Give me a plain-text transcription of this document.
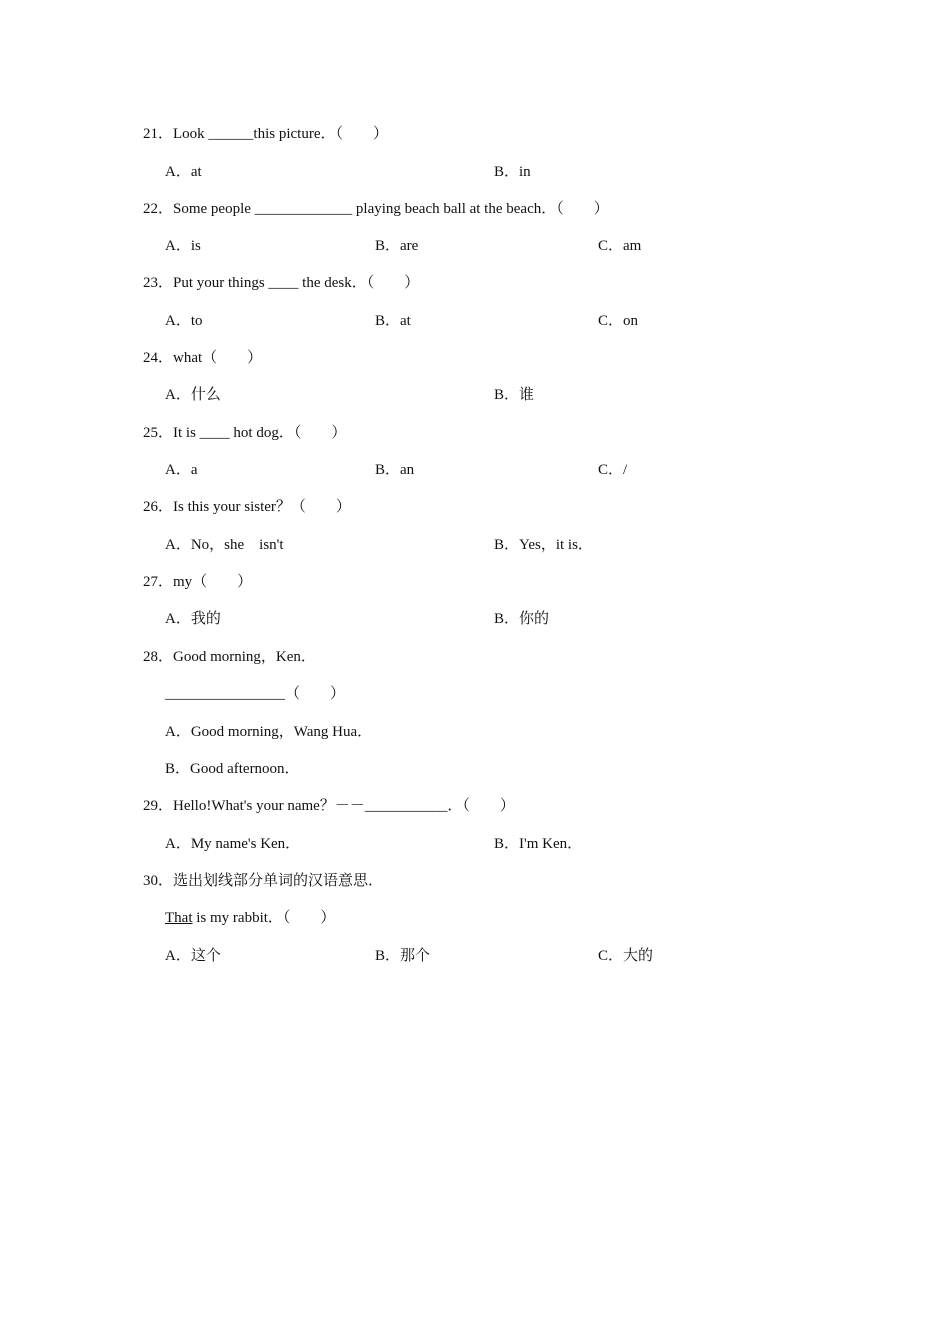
21．Look ______this picture．（　　）
A．at	B．in
22．Some people _____________ playing beach ball at the beach．（　　）
A．is	B．are	C．am
23．Put your things ____ the desk．（　　）
A．to	B．at	C．on
24．what（　　）
A．什么	B．谁
25．It is ____ hot dog．（　　）
A．a	B．an	C．/
26．Is this your sister？（　　）
A．No，she　isn't	B．Yes，it is．
27．my（　　）
A．我的	B．你的
28．Good morning，Ken．
________________（　　）
A．Good morning，Wang Hua．
B．Good afternoon．
29．Hello!What's your name？－－___________．（　　）
A．My name's Ken．	B．I'm Ken．
30．选出划线部分单词的汉语意思．
That is my rabbit．（　　）
A．这个	B．那个	C．大的
